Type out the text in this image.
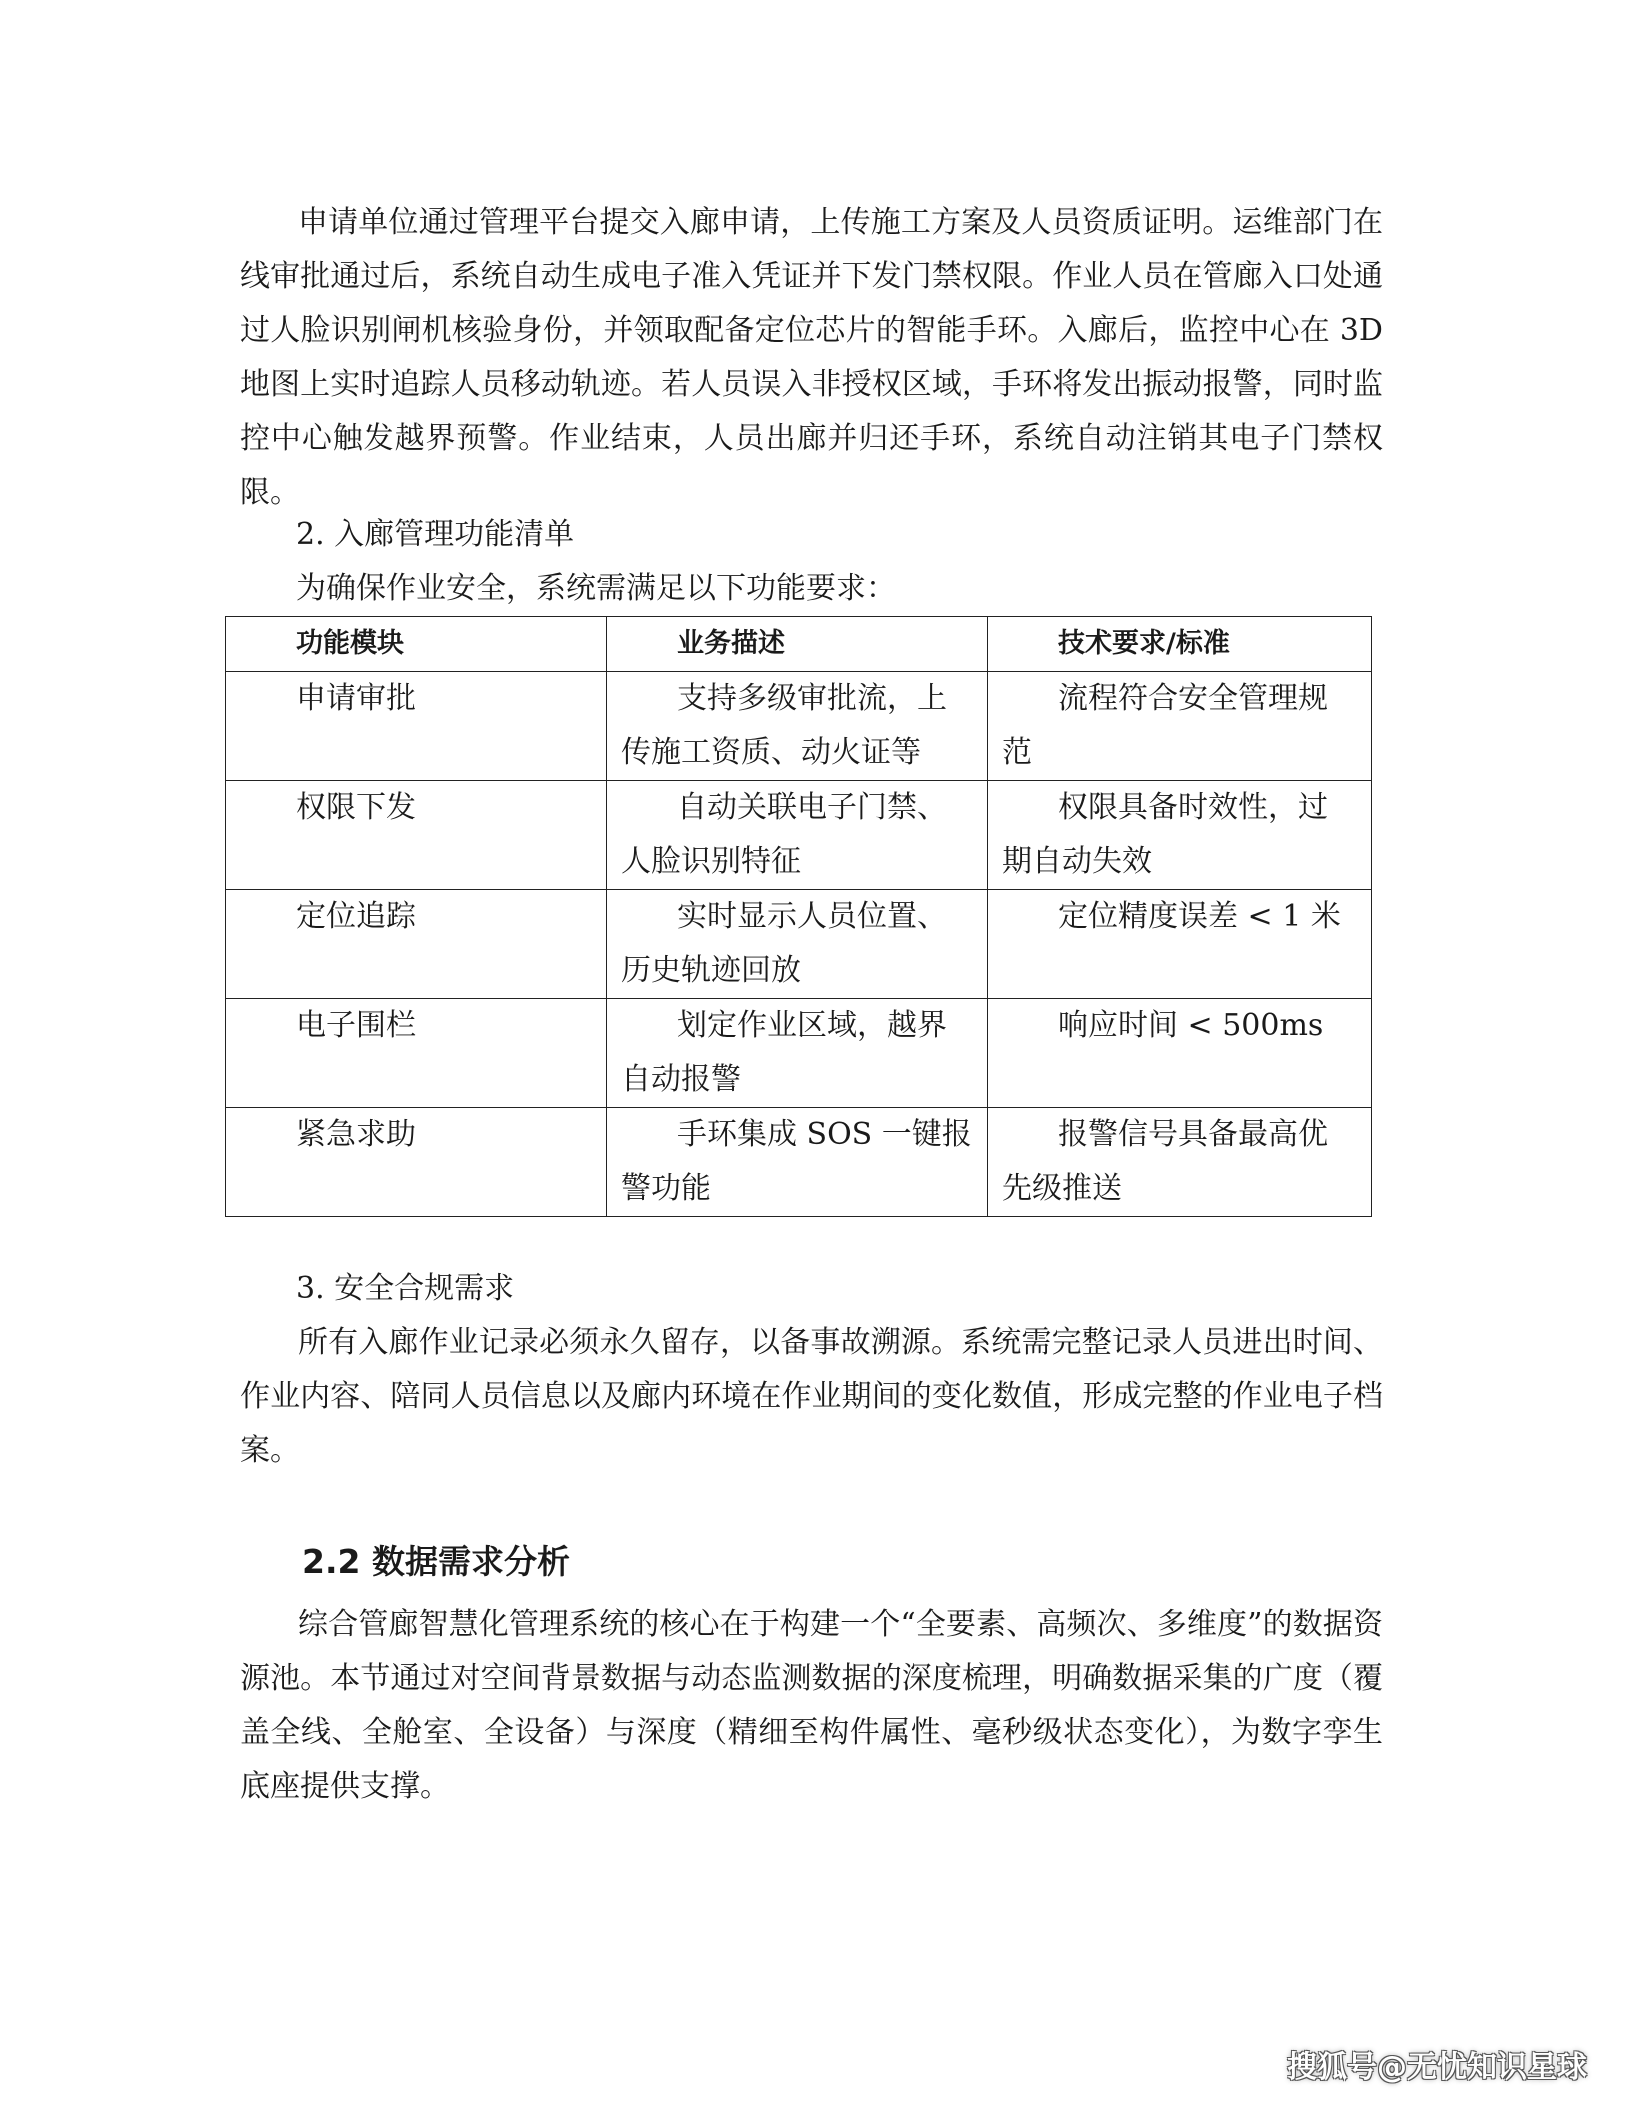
申请单位通过管理平台提交入廊申请，上传施工方案及人员资质证明。运维部门在线审批通过后，系统自动生成电子准入凭证并下发门禁权限。作业人员在管廊入口处通过人脸识别闸机核验身份，并领取配备定位芯片的智能手环。入廊后，监控中心在 3D 地图上实时追踪人员移动轨迹。若人员误入非授权区域，手环将发出振动报警，同时监控中心触发越界预警。作业结束，人员出廊并归还手环，系统自动注销其电子门禁权限。

2. 入廊管理功能清单

为确保作业安全，系统需满足以下功能要求：

功能模块	业务描述	技术要求/标准
申请审批	支持多级审批流，上传施工资质、动火证等	流程符合安全管理规范
权限下发	自动关联电子门禁、人脸识别特征	权限具备时效性，过期自动失效
定位追踪	实时显示人员位置、历史轨迹回放	定位精度误差 < 1 米
电子围栏	划定作业区域，越界自动报警	响应时间 < 500ms
紧急求助	手环集成 SOS 一键报警功能	报警信号具备最高优先级推送

3. 安全合规需求

所有入廊作业记录必须永久留存，以备事故溯源。系统需完整记录人员进出时间、作业内容、陪同人员信息以及廊内环境在作业期间的变化数值，形成完整的作业电子档案。

2.2 数据需求分析

综合管廊智慧化管理系统的核心在于构建一个“全要素、高频次、多维度”的数据资源池。本节通过对空间背景数据与动态监测数据的深度梳理，明确数据采集的广度（覆盖全线、全舱室、全设备）与深度（精细至构件属性、毫秒级状态变化），为数字孪生底座提供支撑。

搜狐号@无忧知识星球
